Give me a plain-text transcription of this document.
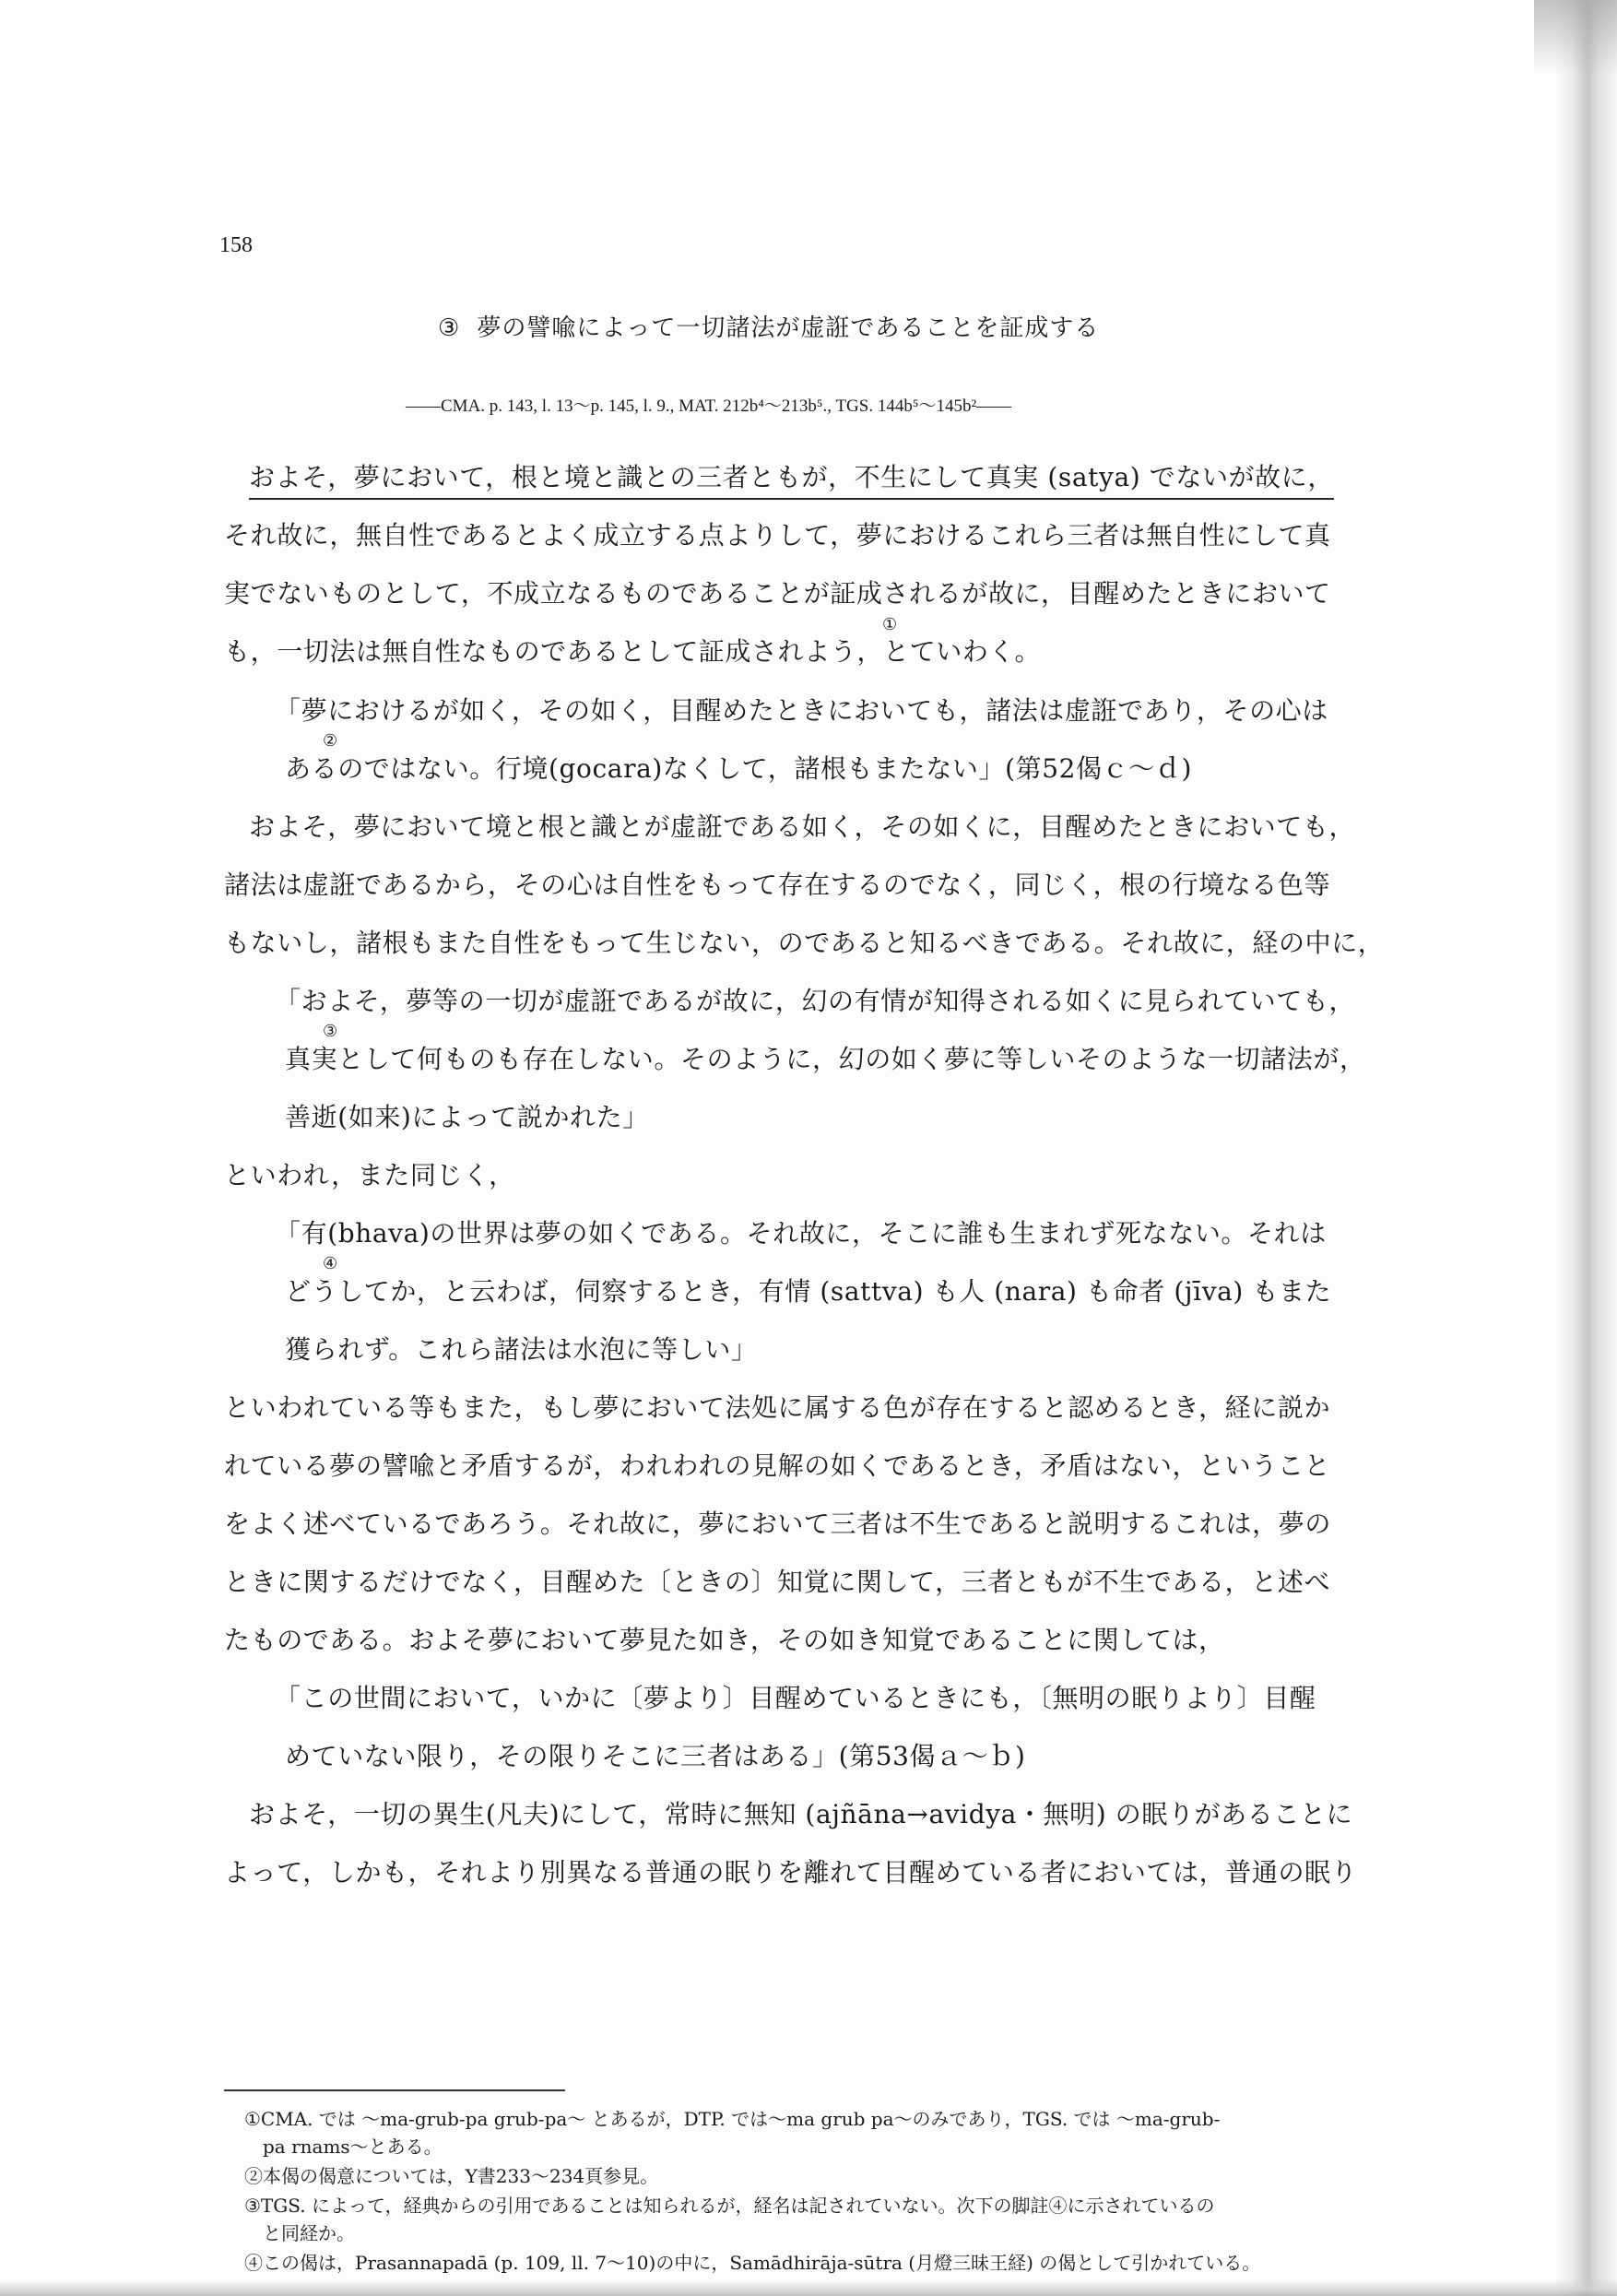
158
③ 夢の譬喩によって一切諸法が虚誑であることを証成する
――CMA. p. 143, l. 13～p. 145, l. 9., MAT. 212b⁴～213b⁵., TGS. 144b⁵～145b²――
およそ，夢において，根と境と識との三者ともが，不生にして真実 (satya) でないが故に，
それ故に，無自性であるとよく成立する点よりして，夢におけるこれら三者は無自性にして真
実でないものとして，不成立なるものであることが証成されるが故に，目醒めたときにおいて
①
も，一切法は無自性なものであるとして証成されよう，とていわく。
「夢におけるが如く，その如く，目醒めたときにおいても，諸法は虚誑であり，その心は
②
あるのではない。行境(gocara)なくして，諸根もまたない」(第52偈ｃ～ｄ)
およそ，夢において境と根と識とが虚誑である如く，その如くに，目醒めたときにおいても，
諸法は虚誑であるから，その心は自性をもって存在するのでなく，同じく，根の行境なる色等
もないし，諸根もまた自性をもって生じない，のであると知るべきである。それ故に，経の中に，
「およそ，夢等の一切が虚誑であるが故に，幻の有情が知得される如くに見られていても，
③
真実として何ものも存在しない。そのように，幻の如く夢に等しいそのような一切諸法が，
善逝(如来)によって説かれた」
といわれ，また同じく，
「有(bhava)の世界は夢の如くである。それ故に，そこに誰も生まれず死なない。それは
④
どうしてか，と云わば，伺察するとき，有情 (sattva) も人 (nara) も命者 (jīva) もまた
獲られず。これら諸法は水泡に等しい」
といわれている等もまた，もし夢において法処に属する色が存在すると認めるとき，経に説か
れている夢の譬喩と矛盾するが，われわれの見解の如くであるとき，矛盾はない，ということ
をよく述べているであろう。それ故に，夢において三者は不生であると説明するこれは，夢の
ときに関するだけでなく，目醒めた〔ときの〕知覚に関して，三者ともが不生である，と述べ
たものである。およそ夢において夢見た如き，その如き知覚であることに関しては，
「この世間において，いかに〔夢より〕目醒めているときにも，〔無明の眠りより〕目醒
めていない限り，その限りそこに三者はある」(第53偈ａ～ｂ)
およそ，一切の異生(凡夫)にして，常時に無知 (ajñāna→avidya・無明) の眠りがあることに
よって，しかも，それより別異なる普通の眠りを離れて目醒めている者においては，普通の眠り
①CMA. では ～ma-grub-pa grub-pa～ とあるが，DTP. では～ma grub pa～のみであり，TGS. では ～ma-grub-
pa rnams～とある。
②本偈の偈意については，Y書233～234頁参見。
③TGS. によって，経典からの引用であることは知られるが，経名は記されていない。次下の脚註④に示されているの
と同経か。
④この偈は，Prasannapadā (p. 109, ll. 7～10)の中に，Samādhirāja-sūtra (月燈三昧王経) の偈として引かれている。
